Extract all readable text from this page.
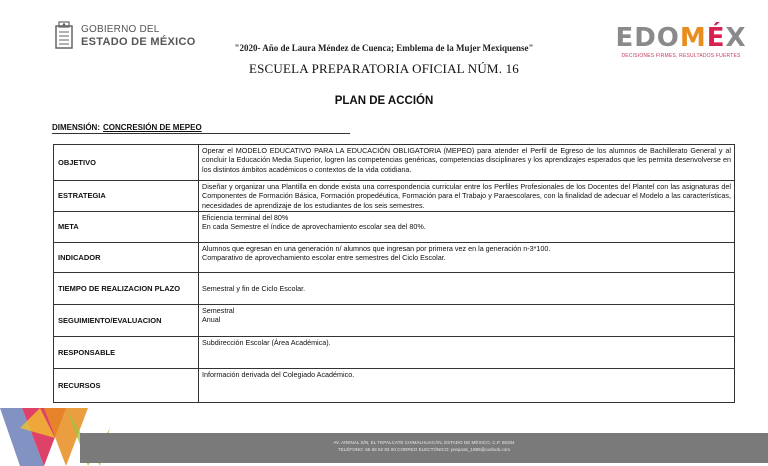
GOBIERNO DEL
ESTADO DE MÉXICO	EDO M É X
DECISIONES FIRMES, RESULTADOS FUERTES
"2020- Año de Laura Méndez de Cuenca; Emblema de la Mujer Mexiquense"
ESCUELA PREPARATORIA OFICIAL NÚM. 16
PLAN DE ACCIÓN
DIMENSIÓN: CONCRESIÓN DE MEPEO
OBJETIVO	Operar el MODELO EDUCATIVO PARA LA EDUCACIÓN OBLIGATORIA (MEPEO) para atender el Perfil de Egreso de los alumnos de Bachillerato General y al concluir la Educación Media Superior, logren las competencias genéricas, competencias disciplinares y los aprendizajes esperados que les permita desenvolverse en los distintos ámbitos académicos o contextos de la vida cotidiana.

ESTRATEGIA	Diseñar y organizar una Plantilla en donde exista una correspondencia curricular entre los Perfiles Profesionales de los Docentes del Plantel con las asignaturas del Componentes de Formación Básica, Formación propedéutica, Formación para el Trabajo y Paraescolares, con la finalidad de adecuar el Modelo a las características, necesidades de aprendizaje de los estudiantes de los seis semestres.

META	Eficiencia terminal del 80%
En cada Semestre el índice de aprovechamiento escolar sea del 80%.

INDICADOR	Alumnos que egresan en una generación n/ alumnos que ingresan por primera vez en la generación n-3*100.
Comparativo de aprovechamiento escolar entre semestres del Ciclo Escolar.

TIEMPO DE REALIZACION PLAZO	Semestral y fin de Ciclo Escolar.

SEGUIMIENTO/EVALUACION	Semestral
Anual

RESPONSABLE	Subdirección Escolar (Área Académica).

RECURSOS	Información derivada del Colegiado Académico.
AV. ARENAL S/N, EL TEPALCATE CHIMALHUACÁN, ESTADO DE MÉXICO, C.P. 56334
TELÉFONO: 55 58 52 83 00 CORREO ELECTÓNICO: prepa16_1986@outlook.com
